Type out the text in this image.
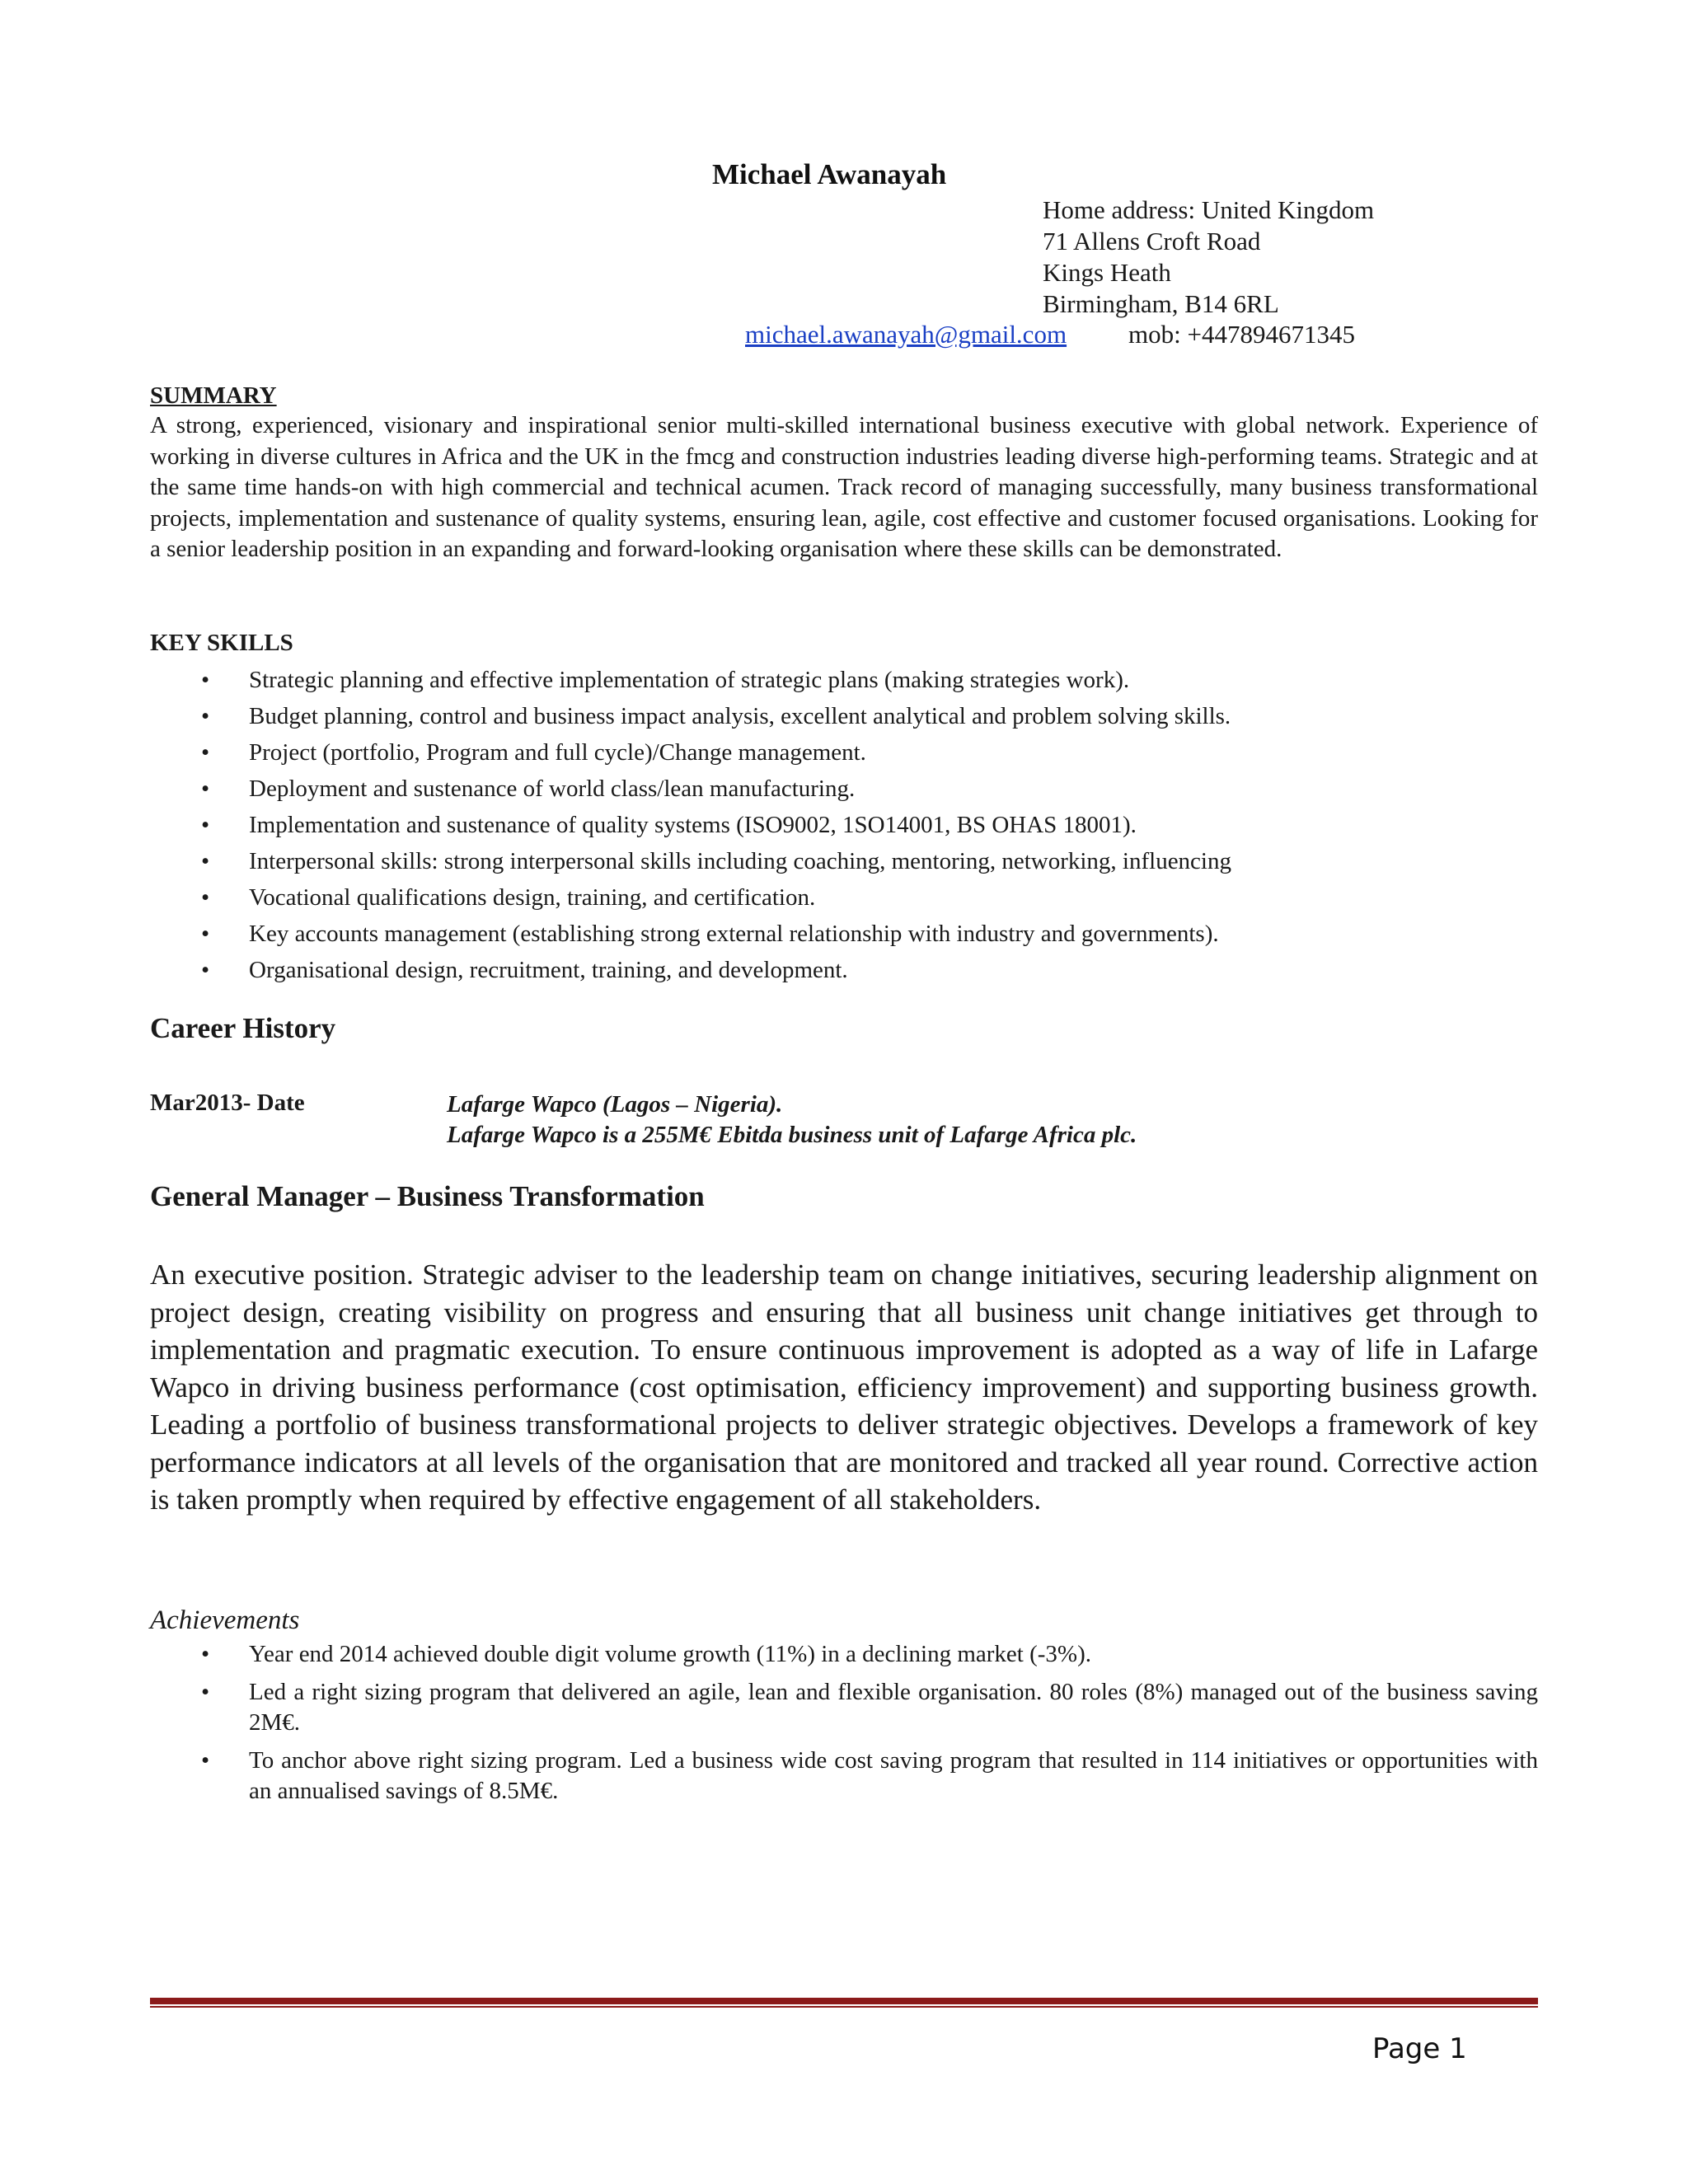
Michael Awanayah
Home address: United Kingdom
71 Allens Croft Road
Kings Heath
Birmingham, B14 6RL
michael.awanayah@gmail.com mob: +447894671345
SUMMARY
A strong, experienced, visionary and inspirational senior multi-skilled international business executive with global network. Experience of working in diverse cultures in Africa and the UK in the fmcg and construction industries leading diverse high-performing teams. Strategic and at the same time hands-on with high commercial and technical acumen. Track record of managing successfully, many business transformational projects, implementation and sustenance of quality systems, ensuring lean, agile, cost effective and customer focused organisations. Looking for a senior leadership position in an expanding and forward-looking organisation where these skills can be demonstrated.
KEY SKILLS
• Strategic planning and effective implementation of strategic plans (making strategies work).
• Budget planning, control and business impact analysis, excellent analytical and problem solving skills.
• Project (portfolio, Program and full cycle)/Change management.
• Deployment and sustenance of world class/lean manufacturing.
• Implementation and sustenance of quality systems (ISO9002, 1SO14001, BS OHAS 18001).
• Interpersonal skills: strong interpersonal skills including coaching, mentoring, networking, influencing
• Vocational qualifications design, training, and certification.
• Key accounts management (establishing strong external relationship with industry and governments).
• Organisational design, recruitment, training, and development.
Career History
Mar2013- Date	Lafarge Wapco (Lagos – Nigeria).
Lafarge Wapco is a 255M€ Ebitda business unit of Lafarge Africa plc.
General Manager – Business Transformation
An executive position. Strategic adviser to the leadership team on change initiatives, securing leadership alignment on project design, creating visibility on progress and ensuring that all business unit change initiatives get through to implementation and pragmatic execution. To ensure continuous improvement is adopted as a way of life in Lafarge Wapco in driving business performance (cost optimisation, efficiency improvement) and supporting business growth. Leading a portfolio of business transformational projects to deliver strategic objectives. Develops a framework of key performance indicators at all levels of the organisation that are monitored and tracked all year round. Corrective action is taken promptly when required by effective engagement of all stakeholders.
Achievements
• Year end 2014 achieved double digit volume growth (11%) in a declining market (-3%).
• Led a right sizing program that delivered an agile, lean and flexible organisation. 80 roles (8%) managed out of the business saving 2M€.
• To anchor above right sizing program. Led a business wide cost saving program that resulted in 114 initiatives or opportunities with an annualised savings of 8.5M€.
Page 1
